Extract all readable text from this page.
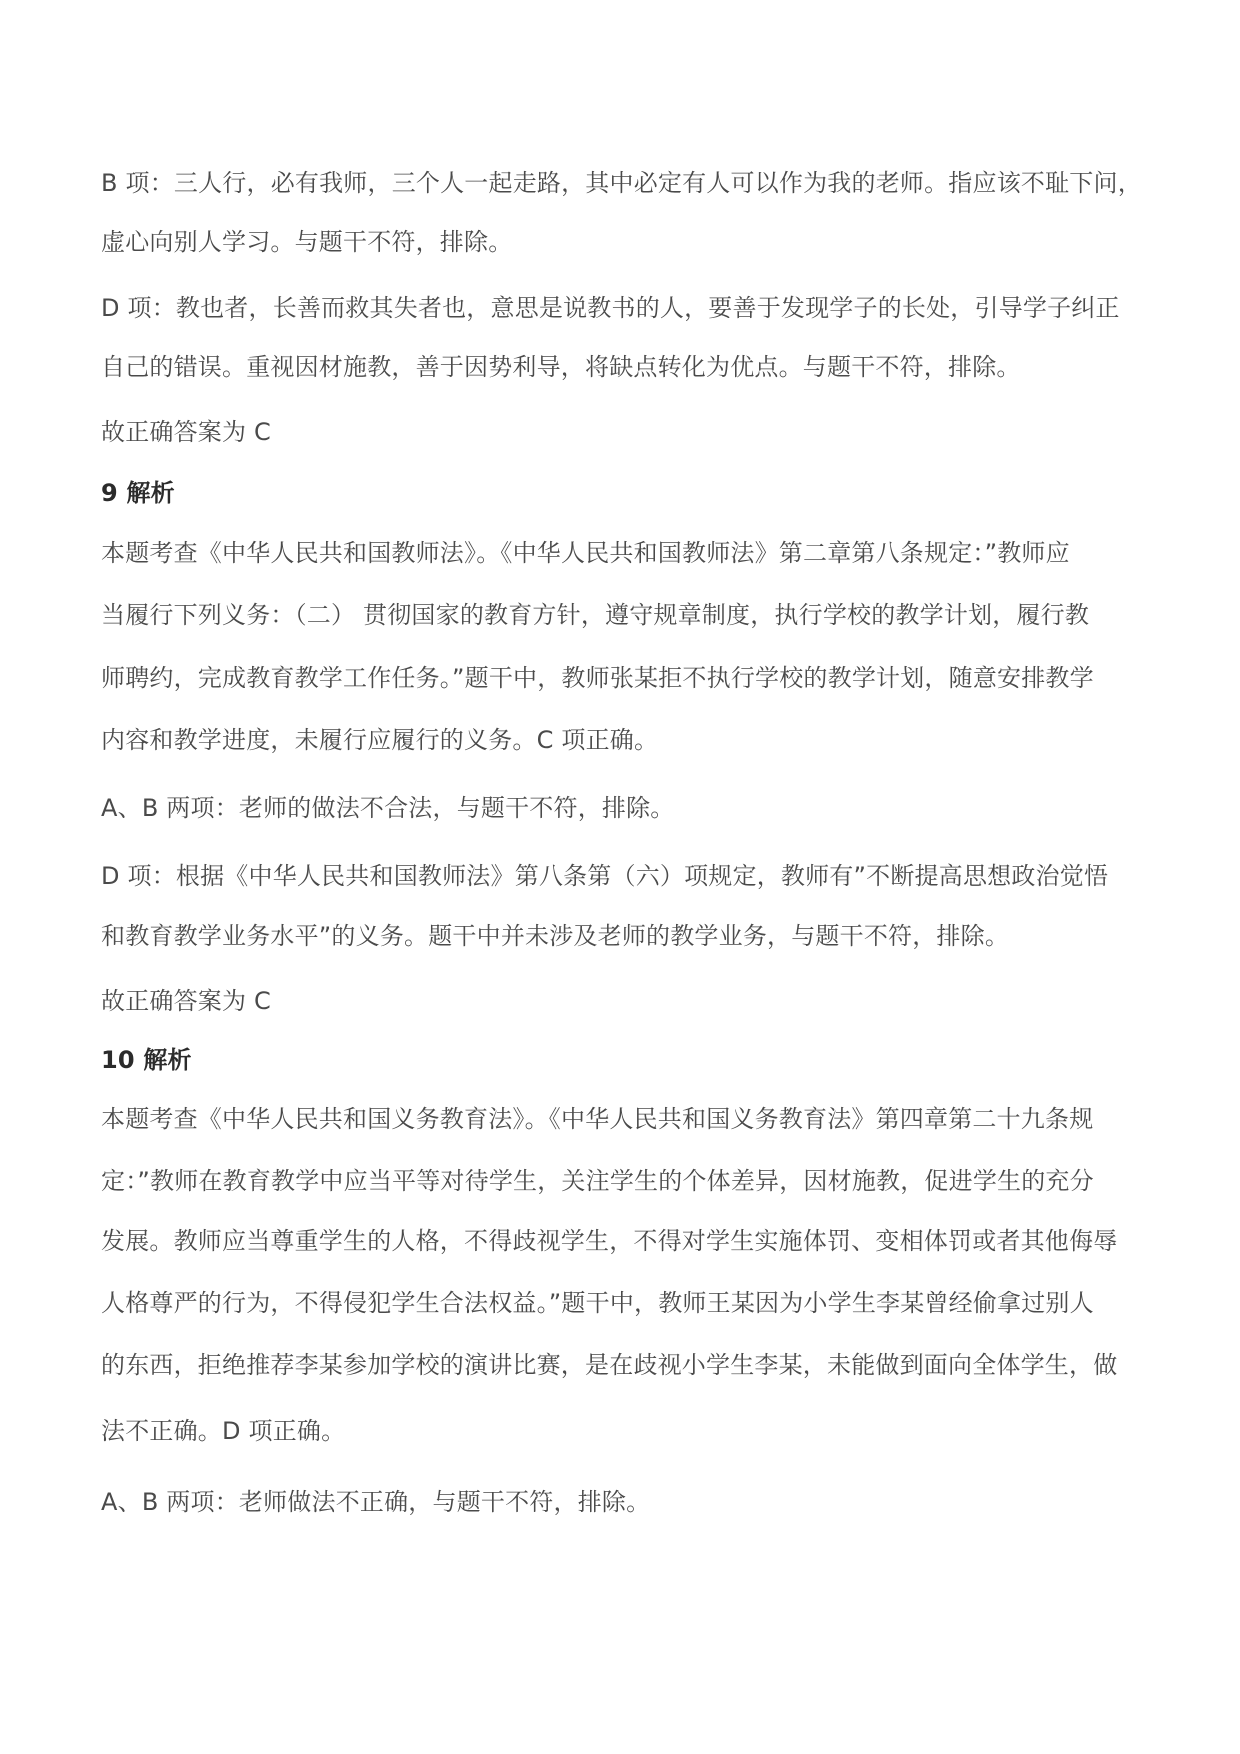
B 项：三人行，必有我师，三个人一起走路，其中必定有人可以作为我的老师。指应该不耻下问，
虚心向别人学习。与题干不符，排除。
D 项：教也者，长善而救其失者也，意思是说教书的人，要善于发现学子的长处，引导学子纠正
自己的错误。重视因材施教，善于因势利导，将缺点转化为优点。与题干不符，排除。
故正确答案为 C
9 解析
本题考查《中华人民共和国教师法》。《中华人民共和国教师法》第二章第八条规定：”教师应
当履行下列义务：（二） 贯彻国家的教育方针，遵守规章制度，执行学校的教学计划，履行教
师聘约，完成教育教学工作任务。”题干中，教师张某拒不执行学校的教学计划，随意安排教学
内容和教学进度，未履行应履行的义务。C 项正确。
A、B 两项：老师的做法不合法，与题干不符，排除。
D 项：根据《中华人民共和国教师法》第八条第（六）项规定，教师有”不断提高思想政治觉悟
和教育教学业务水平”的义务。题干中并未涉及老师的教学业务，与题干不符，排除。
故正确答案为 C
10 解析
本题考查《中华人民共和国义务教育法》。《中华人民共和国义务教育法》第四章第二十九条规
定：”教师在教育教学中应当平等对待学生，关注学生的个体差异，因材施教，促进学生的充分
发展。教师应当尊重学生的人格，不得歧视学生，不得对学生实施体罚、变相体罚或者其他侮辱
人格尊严的行为，不得侵犯学生合法权益。”题干中，教师王某因为小学生李某曾经偷拿过别人
的东西，拒绝推荐李某参加学校的演讲比赛，是在歧视小学生李某，未能做到面向全体学生，做
法不正确。D 项正确。
A、B 两项：老师做法不正确，与题干不符，排除。
